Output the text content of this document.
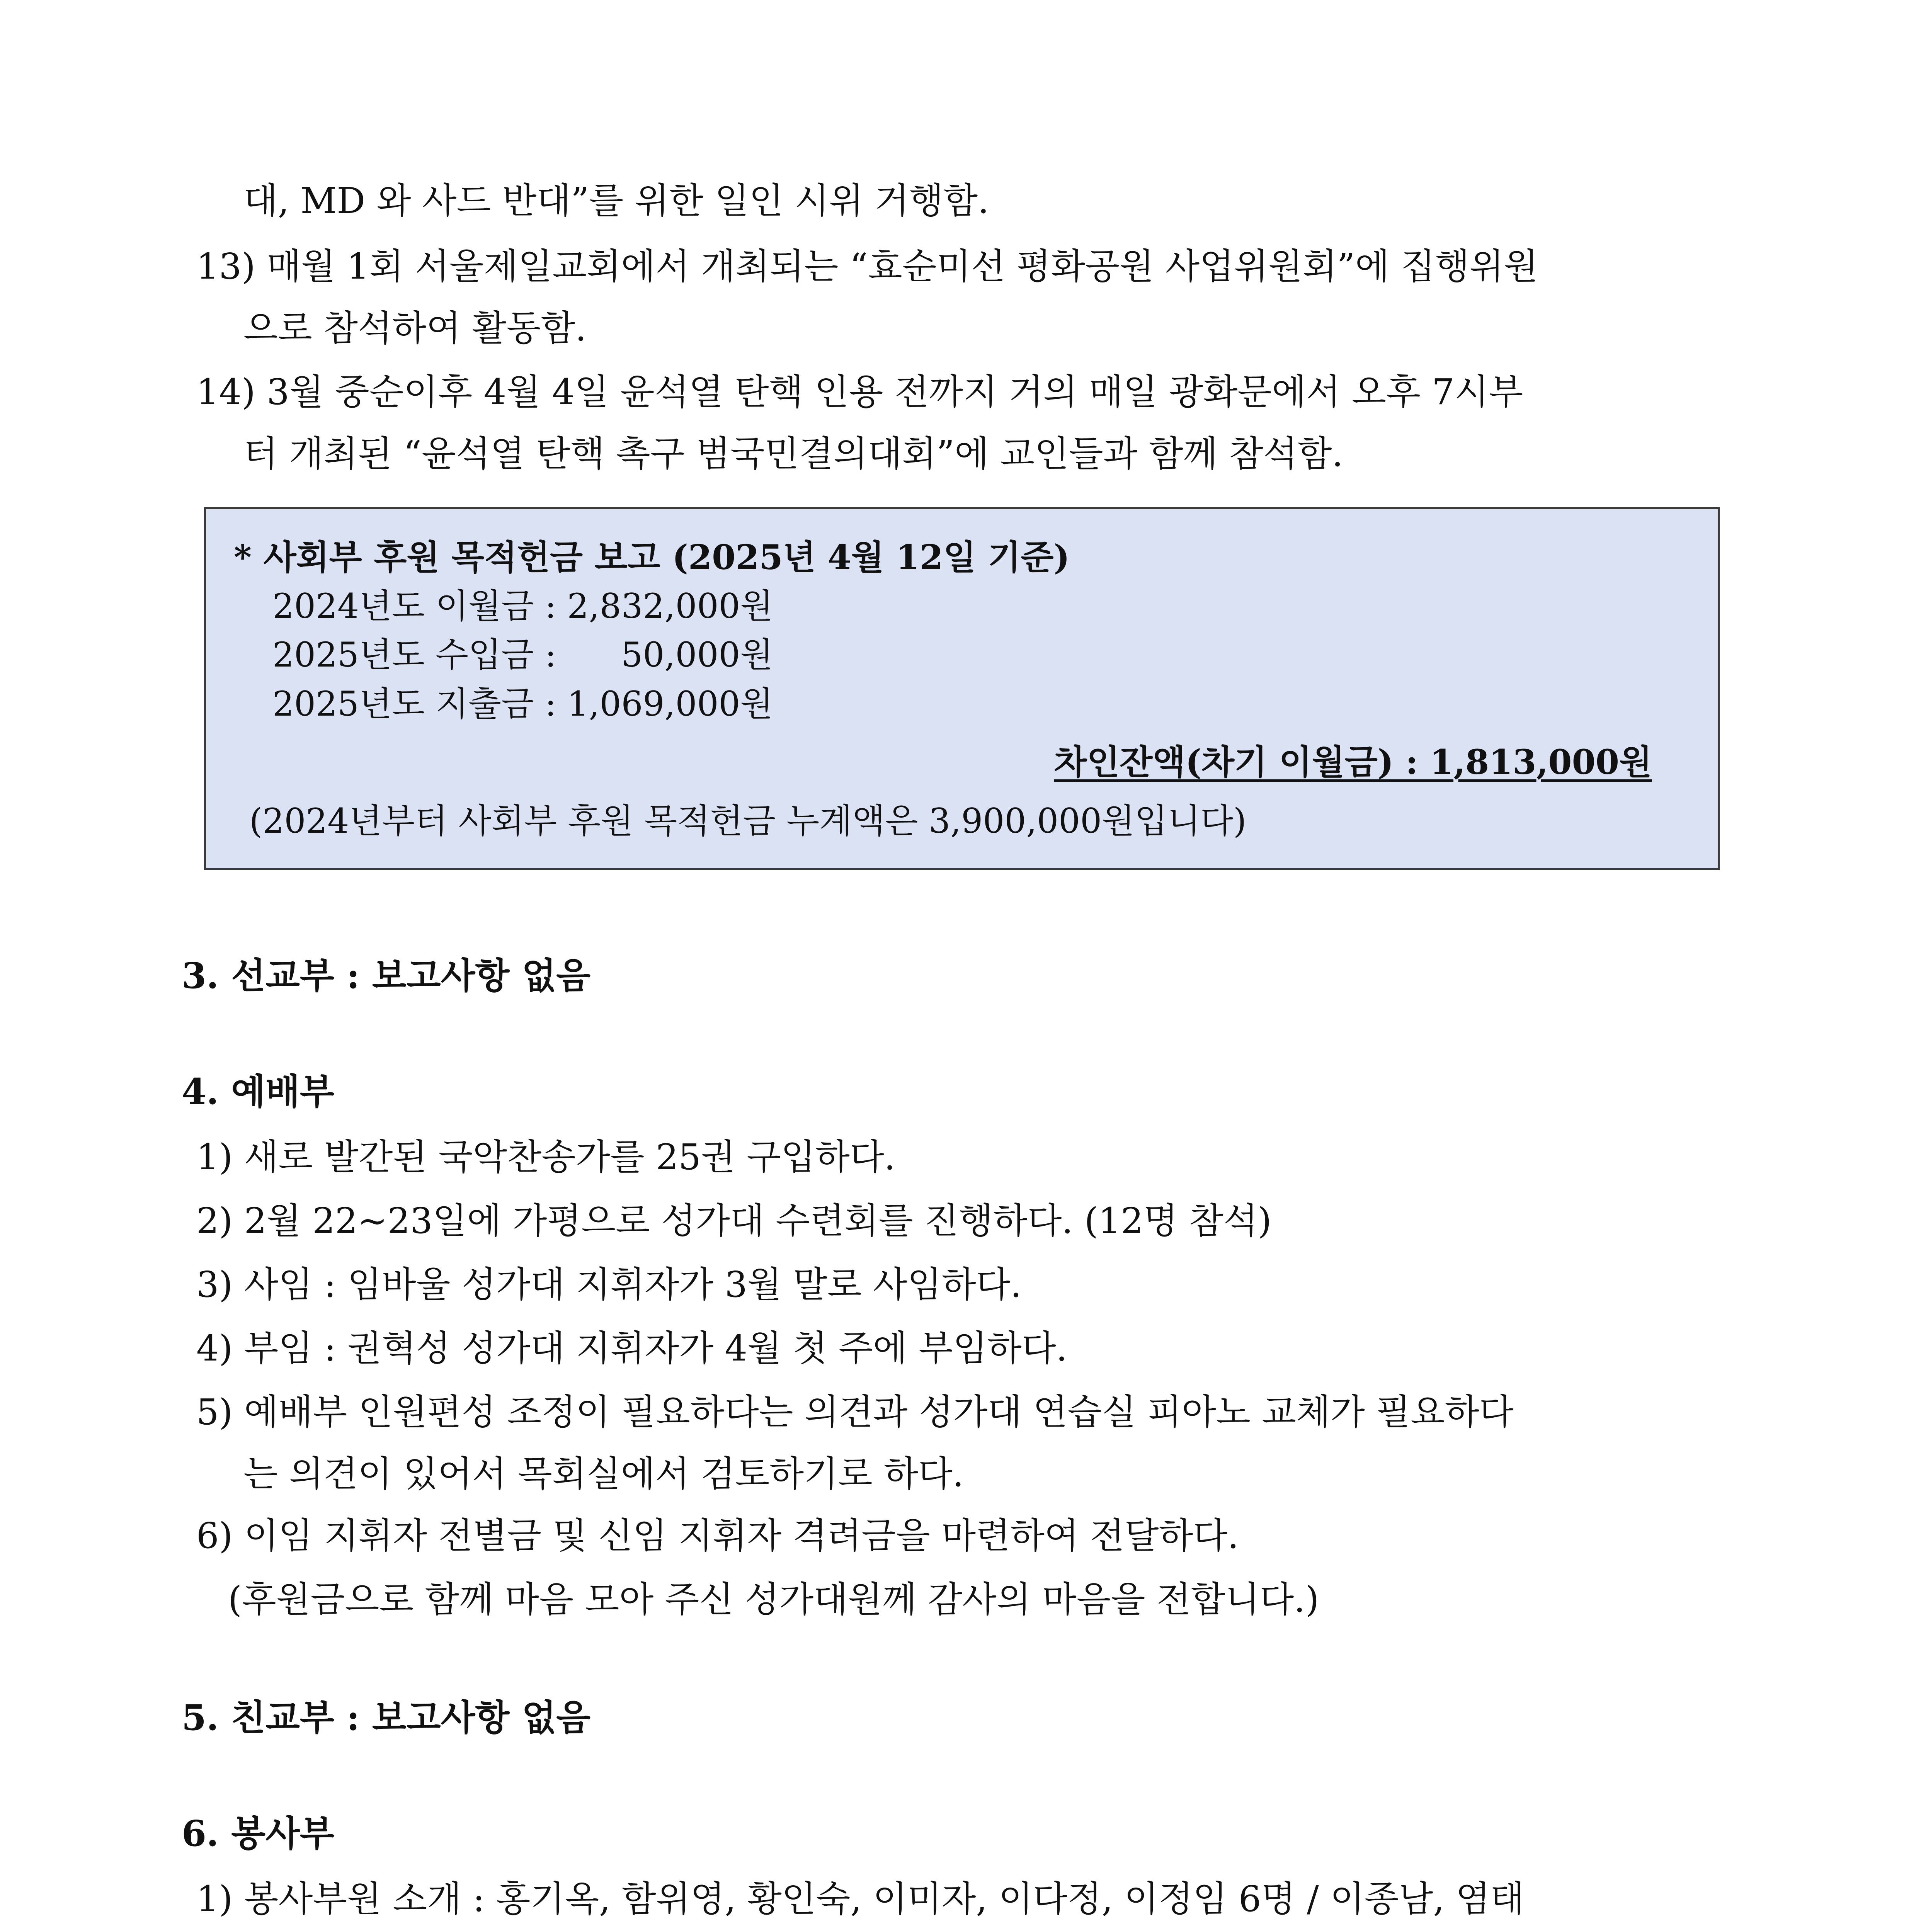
대, MD 와 사드 반대”를 위한 일인 시위 거행함.
13) 매월 1회 서울제일교회에서 개최되는 “효순미선 평화공원 사업위원회”에 집행위원
으로 참석하여 활동함.
14) 3월 중순이후 4월 4일 윤석열 탄핵 인용 전까지 거의 매일 광화문에서 오후 7시부
터 개최된 “윤석열 탄핵 촉구 범국민결의대회”에 교인들과 함께 참석함.
* 사회부 후원 목적헌금 보고 (2025년 4월 12일 기준)
2024년도 이월금 : 2,832,000원
2025년도 수입금 :      50,000원
2025년도 지출금 : 1,069,000원
차인잔액(차기 이월금) : 1,813,000원
(2024년부터 사회부 후원 목적헌금 누계액은 3,900,000원입니다)
3. 선교부 : 보고사항 없음
4. 예배부
1) 새로 발간된 국악찬송가를 25권 구입하다.
2) 2월 22~23일에 가평으로 성가대 수련회를 진행하다. (12명 참석)
3) 사임 : 임바울 성가대 지휘자가 3월 말로 사임하다.
4) 부임 : 권혁성 성가대 지휘자가 4월 첫 주에 부임하다.
5) 예배부 인원편성 조정이 필요하다는 의견과 성가대 연습실 피아노 교체가 필요하다
는 의견이 있어서 목회실에서 검토하기로 하다.
6) 이임 지휘자 전별금 및 신임 지휘자 격려금을 마련하여 전달하다.
(후원금으로 함께 마음 모아 주신 성가대원께 감사의 마음을 전합니다.)
5. 친교부 : 보고사항 없음
6. 봉사부
1) 봉사부원 소개 : 홍기옥, 함위영, 황인숙, 이미자, 이다정, 이정임 6명 / 이종남, 염태
